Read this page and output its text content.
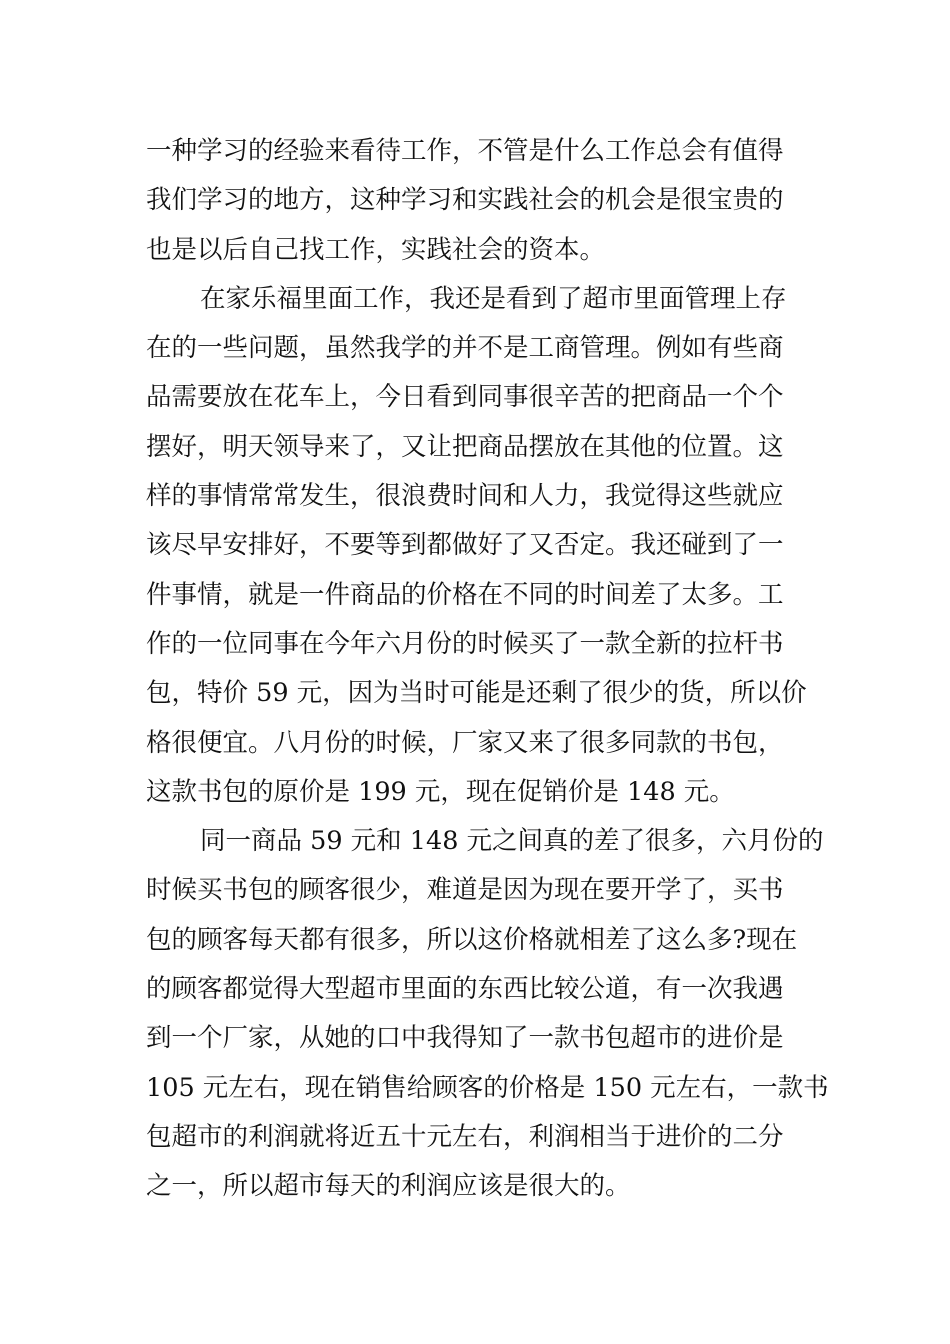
一种学习的经验来看待工作，不管是什么工作总会有值得
我们学习的地方，这种学习和实践社会的机会是很宝贵的
也是以后自己找工作，实践社会的资本。
在家乐福里面工作，我还是看到了超市里面管理上存
在的一些问题，虽然我学的并不是工商管理。例如有些商
品需要放在花车上，今日看到同事很辛苦的把商品一个个
摆好，明天领导来了，又让把商品摆放在其他的位置。这
样的事情常常发生，很浪费时间和人力，我觉得这些就应
该尽早安排好，不要等到都做好了又否定。我还碰到了一
件事情，就是一件商品的价格在不同的时间差了太多。工
作的一位同事在今年六月份的时候买了一款全新的拉杆书
包，特价 59 元，因为当时可能是还剩了很少的货，所以价
格很便宜。八月份的时候，厂家又来了很多同款的书包，
这款书包的原价是 199 元，现在促销价是 148 元。
同一商品 59 元和 148 元之间真的差了很多，六月份的
时候买书包的顾客很少，难道是因为现在要开学了，买书
包的顾客每天都有很多，所以这价格就相差了这么多?现在
的顾客都觉得大型超市里面的东西比较公道，有一次我遇
到一个厂家，从她的口中我得知了一款书包超市的进价是
105 元左右，现在销售给顾客的价格是 150 元左右，一款书
包超市的利润就将近五十元左右，利润相当于进价的二分
之一，所以超市每天的利润应该是很大的。
